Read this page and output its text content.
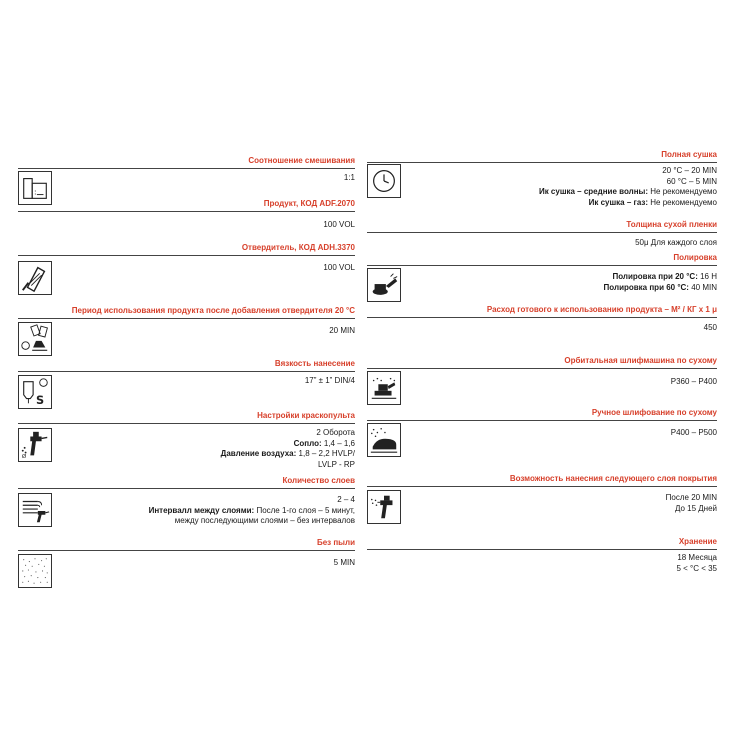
Соотношение смешивания
:
1:1
Продукт, КОД ADF.2070
100 VOL
Отвердитель, КОД ADH.3370
100 VOL
Период использования продукта после добавления отвердителя 20 °C
20 MIN
Вязкость нанесение
S
17” ± 1” DIN/4
Настройки краскопульта
Ø
2 Оборота
Сопло: 1,4 – 1,6
Давление воздуха: 1,8 – 2,2 HVLP/
LVLP - RP
Количество слоев
2 – 4
Интервалл между слоями: После 1-го слоя – 5 минут,
между последующими слоями – без интервалов
Без пыли
5 MIN
Полная сушка
20 °C – 20 MIN
60 °C – 5 MIN
Ик сушка – средние волны: Не рекомендуемо
Ик сушка – газ: Не рекомендуемо
Толщина сухой пленки
50μ Для каждого слоя
Полировка
Полировка при 20 °C: 16 H
Полировка при 60 °C: 40 MIN
Расход готового к использованию продукта – М² / КГ х 1 μ
450
Орбитальная шлифмашина по сухому
P360 – P400
Ручное шлифование по сухому
P400 – P500
Возможность нанесния следующего слоя покрытия
После 20 MIN
До 15 Дней
Хранение
18 Месяца
5 < °C < 35
